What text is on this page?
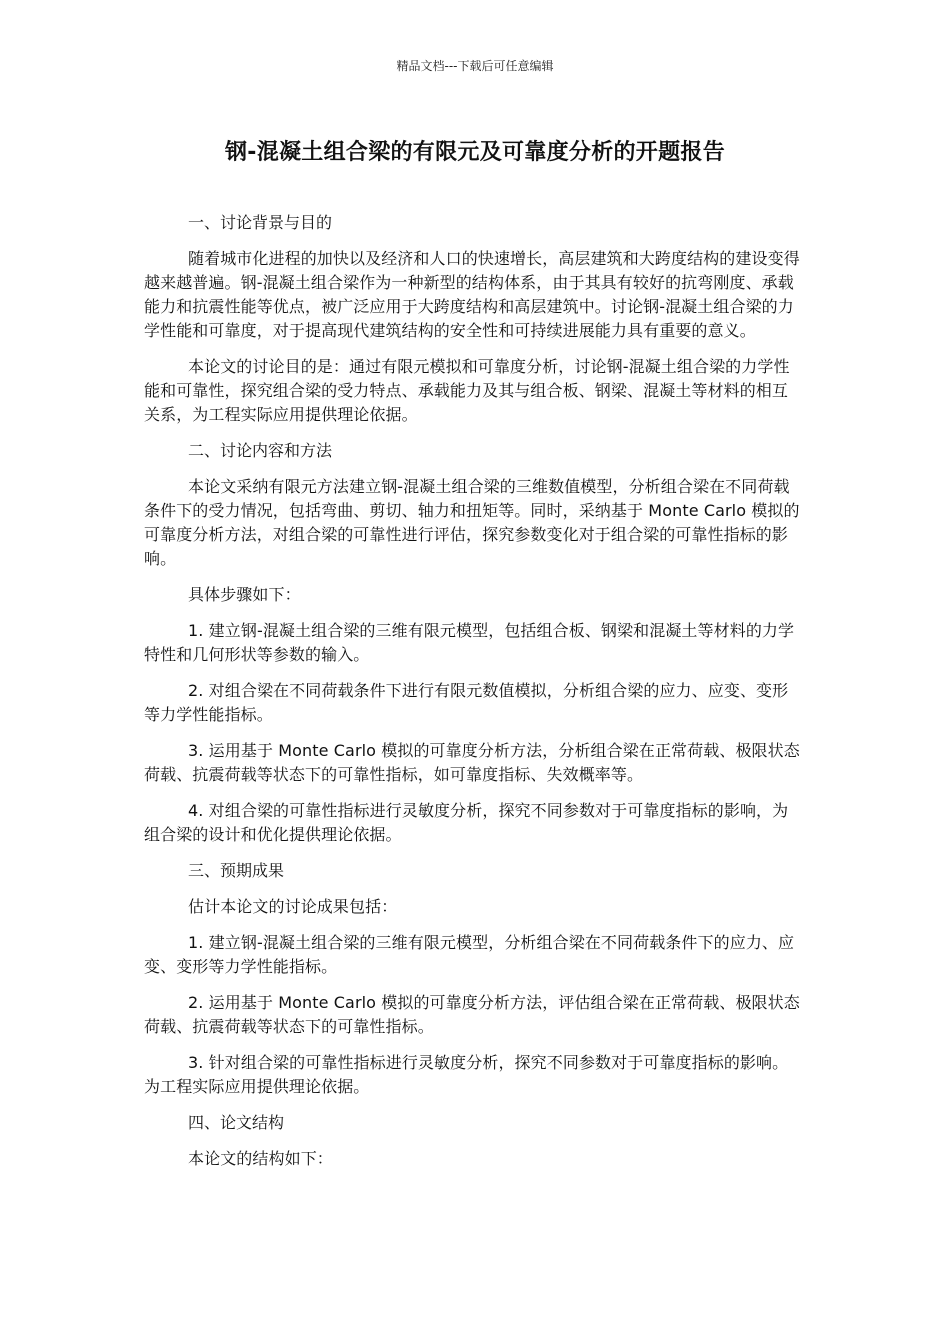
精品文档---下载后可任意编辑
钢-混凝土组合梁的有限元及可靠度分析的开题报告

一、讨论背景与目的

随着城市化进程的加快以及经济和人口的快速增长，高层建筑和大跨度结构的建设变得越来越普遍。钢-混凝土组合梁作为一种新型的结构体系，由于其具有较好的抗弯刚度、承载能力和抗震性能等优点，被广泛应用于大跨度结构和高层建筑中。讨论钢-混凝土组合梁的力学性能和可靠度，对于提高现代建筑结构的安全性和可持续进展能力具有重要的意义。

本论文的讨论目的是：通过有限元模拟和可靠度分析，讨论钢-混凝土组合梁的力学性能和可靠性，探究组合梁的受力特点、承载能力及其与组合板、钢梁、混凝土等材料的相互关系，为工程实际应用提供理论依据。

二、讨论内容和方法

本论文采纳有限元方法建立钢-混凝土组合梁的三维数值模型，分析组合梁在不同荷载条件下的受力情况，包括弯曲、剪切、轴力和扭矩等。同时，采纳基于 Monte Carlo 模拟的可靠度分析方法，对组合梁的可靠性进行评估，探究参数变化对于组合梁的可靠性指标的影响。

具体步骤如下：

1. 建立钢-混凝土组合梁的三维有限元模型，包括组合板、钢梁和混凝土等材料的力学特性和几何形状等参数的输入。

2. 对组合梁在不同荷载条件下进行有限元数值模拟，分析组合梁的应力、应变、变形等力学性能指标。

3. 运用基于 Monte Carlo 模拟的可靠度分析方法，分析组合梁在正常荷载、极限状态荷载、抗震荷载等状态下的可靠性指标，如可靠度指标、失效概率等。

4. 对组合梁的可靠性指标进行灵敏度分析，探究不同参数对于可靠度指标的影响，为组合梁的设计和优化提供理论依据。

三、预期成果

估计本论文的讨论成果包括：

1. 建立钢-混凝土组合梁的三维有限元模型，分析组合梁在不同荷载条件下的应力、应变、变形等力学性能指标。

2. 运用基于 Monte Carlo 模拟的可靠度分析方法，评估组合梁在正常荷载、极限状态荷载、抗震荷载等状态下的可靠性指标。

3. 针对组合梁的可靠性指标进行灵敏度分析，探究不同参数对于可靠度指标的影响。为工程实际应用提供理论依据。

四、论文结构

本论文的结构如下：
